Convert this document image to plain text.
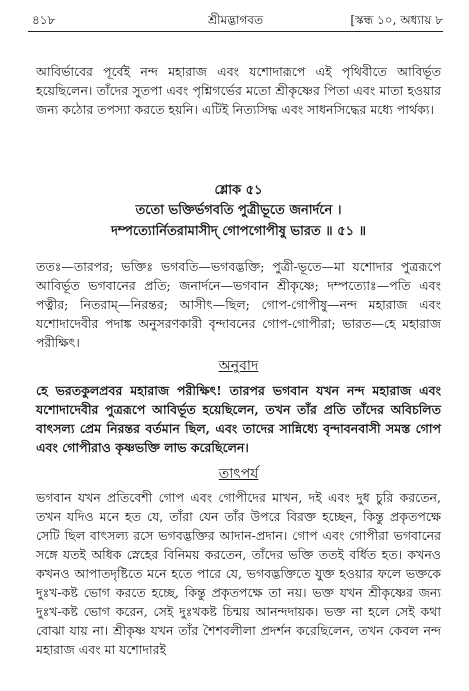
৪১৮	শ্রীমদ্ভাগবত	[স্কন্ধ ১০, অধ্যায় ৮
আবির্ভাবের পূর্বেই নন্দ মহারাজ এবং যশোদারূপে এই পৃথিবীতে আবির্ভূত হয়েছিলেন। তাঁদের সুতপা এবং পৃশ্নিগর্ভের মতো শ্রীকৃষ্ণের পিতা এবং মাতা হওয়ার জন্য কঠোর তপস্যা করতে হয়নি। এটিই নিত্যসিদ্ধ এবং সাধনসিদ্ধের মধ্যে পার্থক্য।
শ্লোক ৫১
ততো ভক্তির্ভগবতি পুত্রীভূতে জনার্দনে ।
দম্পত্যোর্নিতরামাসীদ্ গোপগোপীষু ভারত ॥ ৫১ ॥
ততঃ—তারপর; ভক্তিঃ ভগবতি—ভগবদ্ভক্তি; পুত্রী-ভূতে—মা যশোদার পুত্ররূপে আবির্ভূত ভগবানের প্রতি; জনার্দনে—ভগবান শ্রীকৃষ্ণে; দম্পত্যোঃ—পতি এবং পত্নীর; নিতরাম্—নিরন্তর; আসীৎ—ছিল; গোপ-গোপীষু—নন্দ মহারাজ এবং যশোদাদেবীর পদাঙ্ক অনুসরণকারী বৃন্দাবনের গোপ-গোপীরা; ভারত—হে মহারাজ পরীক্ষিৎ।
অনুবাদ
হে ভরতকুলপ্রবর মহারাজ পরীক্ষিৎ! তারপর ভগবান যখন নন্দ মহারাজ এবং যশোদাদেবীর পুত্ররূপে আবির্ভূত হয়েছিলেন, তখন তাঁর প্রতি তাঁদের অবিচলিত বাৎসল্য প্রেম নিরন্তর বর্তমান ছিল, এবং তাদের সান্নিধ্যে বৃন্দাবনবাসী সমস্ত গোপ এবং গোপীরাও কৃষ্ণভক্তি লাভ করেছিলেন।
তাৎপর্য
ভগবান যখন প্রতিবেশী গোপ এবং গোপীদের মাখন, দই এবং দুধ চুরি করতেন, তখন যদিও মনে হত যে, তাঁরা যেন তাঁর উপরে বিরক্ত হচ্ছেন, কিন্তু প্রকৃতপক্ষে সেটি ছিল বাৎসল্য রসে ভগবদ্ভক্তির আদান-প্রদান। গোপ এবং গোপীরা ভগবানের সঙ্গে যতই অধিক স্নেহের বিনিময় করতেন, তাঁদের ভক্তি ততই বর্ধিত হত। কখনও কখনও আপাতদৃষ্টিতে মনে হতে পারে যে, ভগবদ্ভক্তিতে যুক্ত হওয়ার ফলে ভক্তকে দুঃখ-কষ্ট ভোগ করতে হচ্ছে, কিন্তু প্রকৃতপক্ষে তা নয়। ভক্ত যখন শ্রীকৃষ্ণের জন্য দুঃখ-কষ্ট ভোগ করেন, সেই দুঃখকষ্ট চিন্ময় আনন্দদায়ক। ভক্ত না হলে সেই কথা বোঝা যায় না। শ্রীকৃষ্ণ যখন তাঁর শৈশবলীলা প্রদর্শন করেছিলেন, তখন কেবল নন্দ মহারাজ এবং মা যশোদারই
